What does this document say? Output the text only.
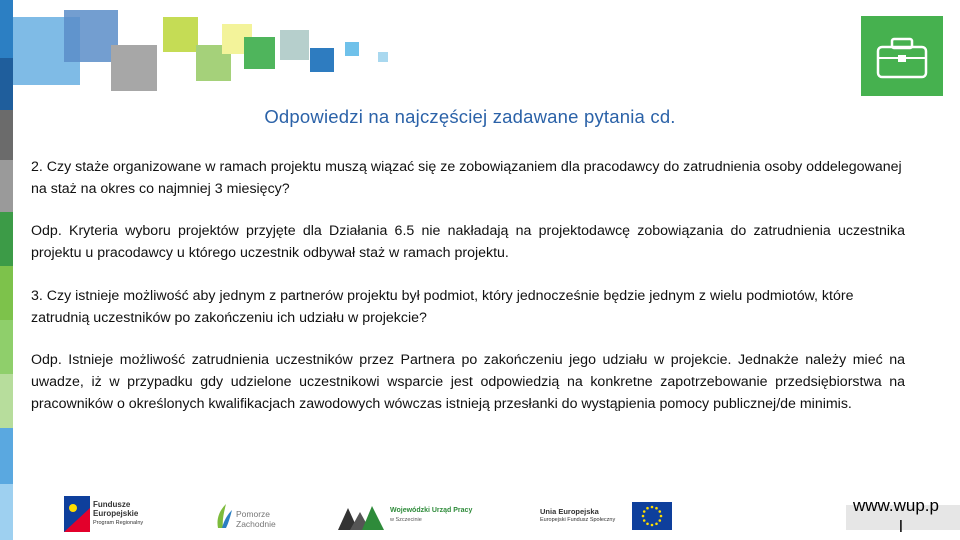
Odpowiedzi na najczęściej zadawane pytania cd.
2. Czy staże organizowane w ramach projektu muszą wiązać się ze zobowiązaniem dla pracodawcy do zatrudnienia osoby oddelegowanej na staż na okres co najmniej 3 miesięcy?
Odp. Kryteria wyboru projektów przyjęte dla Działania 6.5 nie nakładają na projektodawcę zobowiązania do zatrudnienia uczestnika projektu u pracodawcy u którego uczestnik odbywał staż w ramach projektu.
3. Czy istnieje możliwość aby jednym z partnerów projektu był podmiot, który jednocześnie będzie jednym z wielu podmiotów, które zatrudnią uczestników po zakończeniu ich udziału w projekcie?
Odp. Istnieje możliwość zatrudnienia uczestników przez Partnera po zakończeniu jego udziału w projekcie. Jednakże należy mieć na uwadze, iż w przypadku gdy udzielone uczestnikowi wsparcie jest odpowiedzią na konkretne zapotrzebowanie przedsiębiorstwa na pracowników o określonych kwalifikacjach zawodowych wówczas istnieją przesłanki do wystąpienia pomocy publicznej/de minimis.
Fundusze
Europejskie
Program Regionalny
Pomorze
Zachodnie
Wojewódzki Urząd Pracy
w Szczecinie
Unia Europejska
Europejski Fundusz Społeczny
www.wup.p
l
